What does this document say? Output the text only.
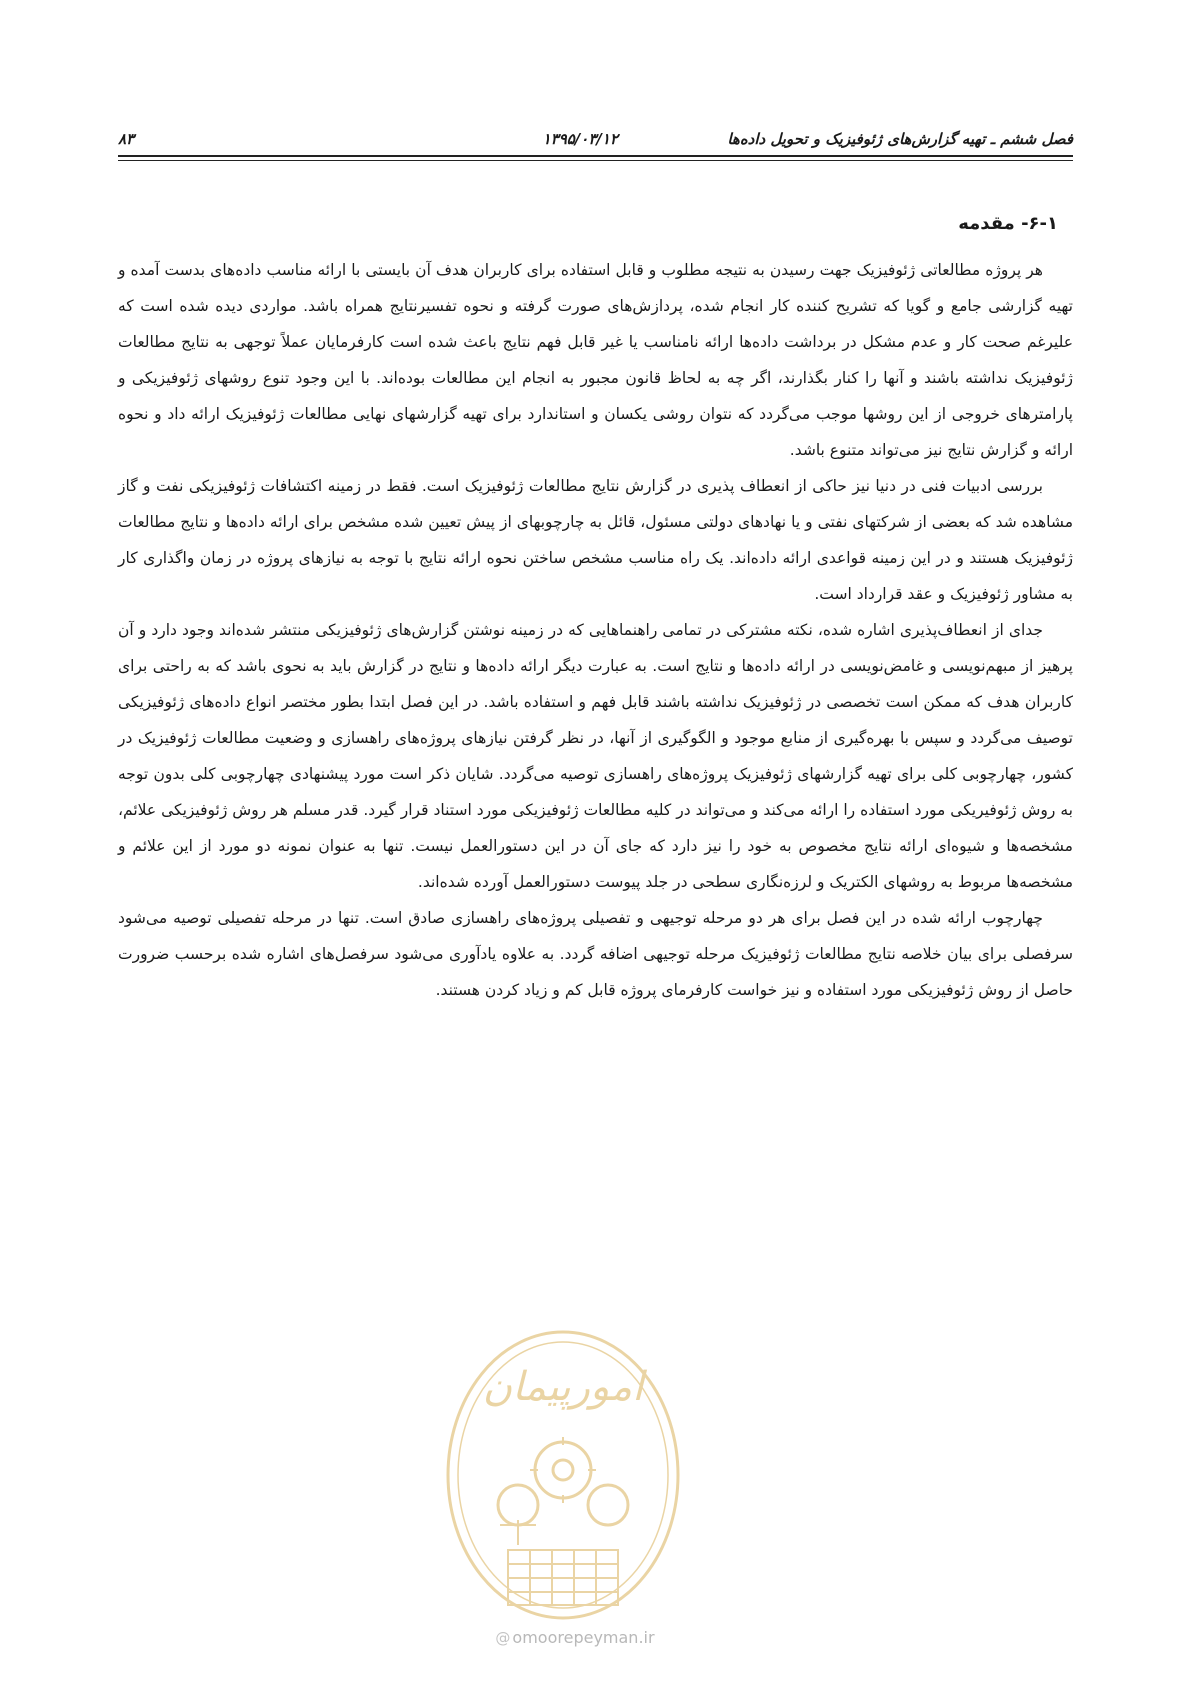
فصل ششم ـ تهیه گزارش‌های ژئوفیزیک و تحویل داده‌ها
۱۳۹۵/۰۳/۱۲
۸۳
۶-۱- مقدمه

هر پروژه مطالعاتی ژئوفیزیک جهت رسیدن به نتیجه مطلوب و قابل استفاده برای کاربران هدف آن بایستی با ارائه مناسب داده‌های بدست آمده و تهیه گزارشی جامع و گویا که تشریح کننده کار انجام شده، پردازش‌های صورت گرفته و نحوه تفسیرنتایج همراه باشد. مواردی دیده شده است که علیرغم صحت کار و عدم مشکل در برداشت داده‌ها ارائه نامناسب یا غیر قابل فهم نتایج باعث شده است کارفرمایان عملاً توجهی به نتایج مطالعات ژئوفیزیک نداشته باشند و آنها را کنار بگذارند، اگر چه به لحاظ قانون مجبور به انجام این مطالعات بوده‌اند. با این وجود تنوع روشهای ژئوفیزیکی و پارامترهای خروجی از این روشها موجب می‌گردد که نتوان روشی یکسان و استاندارد برای تهیه گزارشهای نهایی مطالعات ژئوفیزیک ارائه داد و نحوه ارائه و گزارش نتایج نیز می‌تواند متنوع باشد.

بررسی ادبیات فنی در دنیا نیز حاکی از انعطاف پذیری در گزارش نتایج مطالعات ژئوفیزیک است. فقط در زمینه اکتشافات ژئوفیزیکی نفت و گاز مشاهده شد که بعضی از شرکتهای نفتی و یا نهادهای دولتی مسئول، قائل به چارچوبهای از پیش تعیین شده مشخص برای ارائه داده‌ها و نتایج مطالعات ژئوفیزیک هستند و در این زمینه قواعدی ارائه داده‌اند. یک راه مناسب مشخص ساختن نحوه ارائه نتایج با توجه به نیازهای پروژه در زمان واگذاری کار به مشاور ژئوفیزیک و عقد قرارداد است.

جدای از انعطاف‌پذیری اشاره شده، نکته مشترکی در تمامی راهنماهایی که در زمینه نوشتن گزارش‌های ژئوفیزیکی منتشر شده‌اند وجود دارد و آن پرهیز از مبهم‌نویسی و غامض‌نویسی در ارائه داده‌ها و نتایج است. به عبارت دیگر ارائه داده‌ها و نتایج در گزارش باید به نحوی باشد که به راحتی برای کاربران هدف که ممکن است تخصصی در ژئوفیزیک نداشته باشند قابل فهم و استفاده باشد. در این فصل ابتدا بطور مختصر انواع داده‌های ژئوفیزیکی توصیف می‌گردد و سپس با بهره‌گیری از منابع موجود و الگوگیری از آنها، در نظر گرفتن نیازهای پروژه‌های راهسازی و وضعیت مطالعات ژئوفیزیک در کشور، چهارچوبی کلی برای تهیه گزارشهای ژئوفیزیک پروژه‌های راهسازی توصیه می‌گردد. شایان ذکر است مورد پیشنهادی چهارچوبی کلی بدون توجه به روش ژئوفیریکی مورد استفاده را ارائه می‌کند و می‌تواند در کلیه مطالعات ژئوفیزیکی مورد استناد قرار گیرد. قدر مسلم هر روش ژئوفیزیکی علائم، مشخصه‌ها و شیوه‌ای ارائه نتایج مخصوص به خود را نیز دارد که جای آن در این دستورالعمل نیست. تنها به عنوان نمونه دو مورد از این علائم و مشخصه‌ها مربوط به روشهای الکتریک و لرزه‌نگاری سطحی در جلد پیوست دستورالعمل آورده شده‌اند.

چهارچوب ارائه شده در این فصل برای هر دو مرحله توجیهی و تفصیلی پروژه‌های راهسازی صادق است. تنها در مرحله تفصیلی توصیه می‌شود سرفصلی برای بیان خلاصه نتایج مطالعات ژئوفیزیک مرحله توجیهی اضافه گردد. به علاوه یادآوری می‌شود سرفصل‌های اشاره شده برحسب ضرورت حاصل از روش ژئوفیزیکی مورد استفاده و نیز خواست کارفرمای پروژه قابل کم و زیاد کردن هستند.

امورپیمان
@ omoorepeyman.ir
